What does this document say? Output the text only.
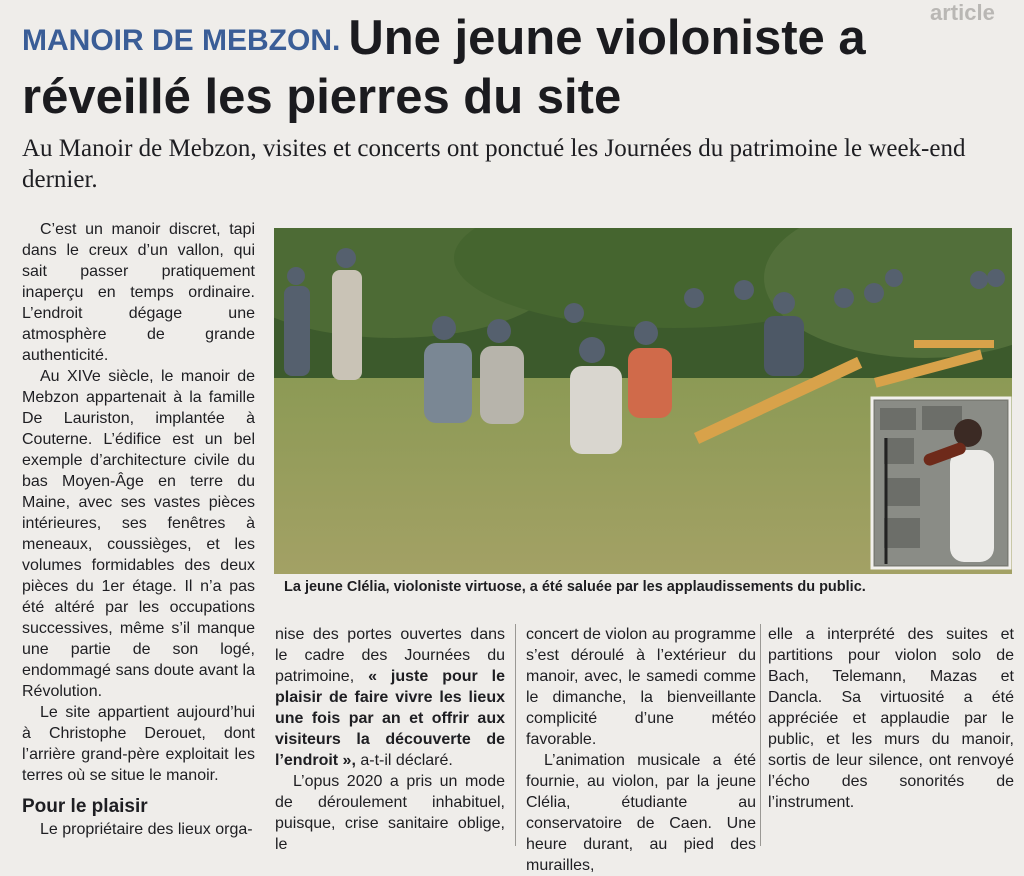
article
MANOIR DE MEBZON. Une jeune violoniste a réveillé les pierres du site

Au Manoir de Mebzon, visites et concerts ont ponctué les Journées du patrimoine le week-end dernier.

C’est un manoir discret, tapi dans le creux d’un vallon, qui sait passer pratiquement inaperçu en temps ordinaire. L’endroit dégage une atmosphère de grande authenticité.

Au XIVe siècle, le manoir de Mebzon appartenait à la famille De Lauriston, implantée à Couterne. L’édifice est un bel exemple d’architecture civile du bas Moyen-Âge en terre du Maine, avec ses vastes pièces intérieures, ses fenêtres à meneaux, coussièges, et les volumes formidables des deux pièces du 1er étage. Il n’a pas été altéré par les occupations successives, même s’il manque une partie de son logé, endommagé sans doute avant la Révolution.

Le site appartient aujourd’hui à Christophe Derouet, dont l’arrière grand-père exploitait les terres où se situe le manoir.

Pour le plaisir

Le propriétaire des lieux orga-

La jeune Clélia, violoniste virtuose, a été saluée par les applaudissements du public.

nise des portes ouvertes dans le cadre des Journées du patrimoine, « juste pour le plaisir de faire vivre les lieux une fois par an et offrir aux visiteurs la découverte de l’endroit », a-t-il déclaré.

L’opus 2020 a pris un mode de déroulement inhabituel, puisque, crise sanitaire oblige, le

concert de violon au programme s’est déroulé à l’extérieur du manoir, avec, le samedi comme le dimanche, la bienveillante complicité d’une météo favorable.

L’animation musicale a été fournie, au violon, par la jeune Clélia, étudiante au conservatoire de Caen. Une heure durant, au pied des murailles,

elle a interprété des suites et partitions pour violon solo de Bach, Telemann, Mazas et Dancla. Sa virtuosité a été appréciée et applaudie par le public, et les murs du manoir, sortis de leur silence, ont renvoyé l’écho des sonorités de l’instrument.
